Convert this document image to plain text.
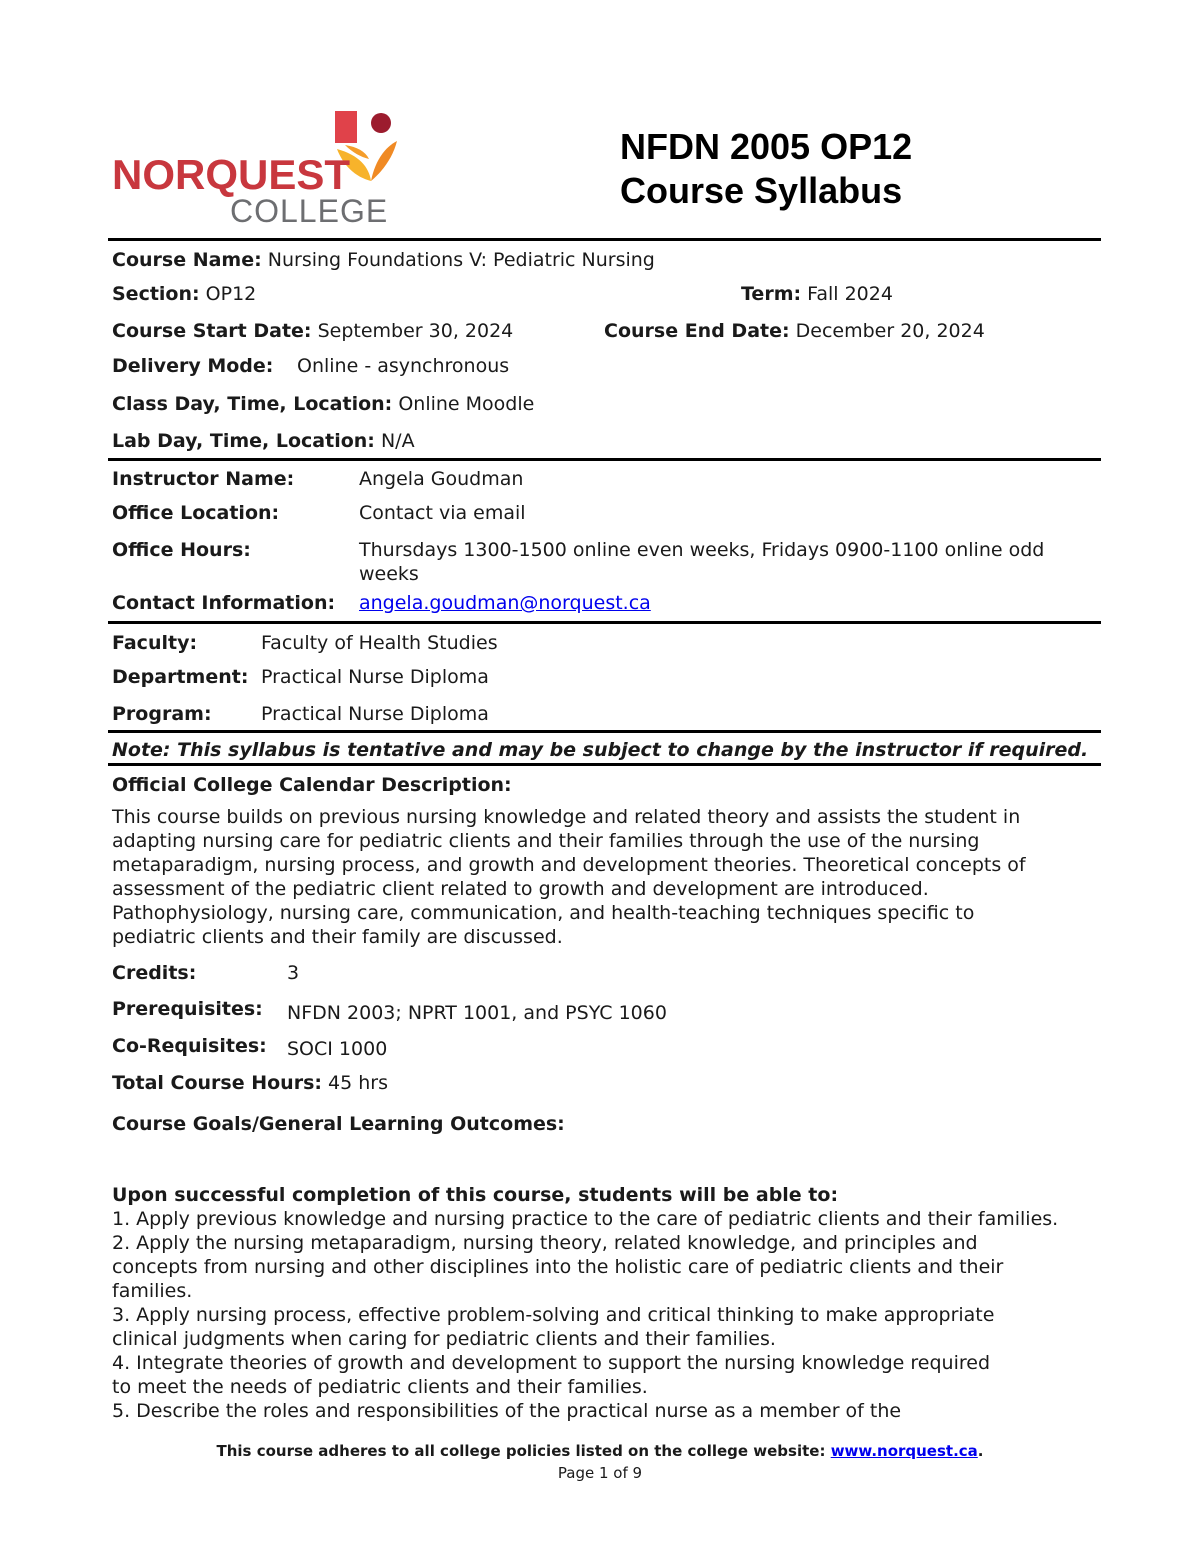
NORQUEST
COLLEGE
NFDN 2005 OP12
Course Syllabus
Course Name: Nursing Foundations V: Pediatric Nursing
Section: OP12	Term: Fall 2024
Course Start Date: September 30, 2024	Course End Date: December 20, 2024
Delivery Mode: Online - asynchronous
Class Day, Time, Location: Online Moodle
Lab Day, Time, Location: N/A
Instructor Name:	Angela Goudman
Office Location:	Contact via email
Office Hours:	Thursdays 1300-1500 online even weeks, Fridays 0900-1100 online odd
weeks
Contact Information: angela.goudman@norquest.ca
Faculty:	Faculty of Health Studies
Department: Practical Nurse Diploma
Program:	Practical Nurse Diploma
Note: This syllabus is tentative and may be subject to change by the instructor if required.
Official College Calendar Description:
This course builds on previous nursing knowledge and related theory and assists the student in
adapting nursing care for pediatric clients and their families through the use of the nursing
metaparadigm, nursing process, and growth and development theories. Theoretical concepts of
assessment of the pediatric client related to growth and development are introduced.
Pathophysiology, nursing care, communication, and health-teaching techniques specific to
pediatric clients and their family are discussed.
Credits:	3
Prerequisites: NFDN 2003; NPRT 1001, and PSYC 1060
Co-Requisites: SOCI 1000
Total Course Hours: 45 hrs
Course Goals/General Learning Outcomes:
Upon successful completion of this course, students will be able to:
1. Apply previous knowledge and nursing practice to the care of pediatric clients and their families.
2. Apply the nursing metaparadigm, nursing theory, related knowledge, and principles and
concepts from nursing and other disciplines into the holistic care of pediatric clients and their
families.
3. Apply nursing process, effective problem-solving and critical thinking to make appropriate
clinical judgments when caring for pediatric clients and their families.
4. Integrate theories of growth and development to support the nursing knowledge required
to meet the needs of pediatric clients and their families.
5. Describe the roles and responsibilities of the practical nurse as a member of the
This course adheres to all college policies listed on the college website: www.norquest.ca.
Page 1 of 9
